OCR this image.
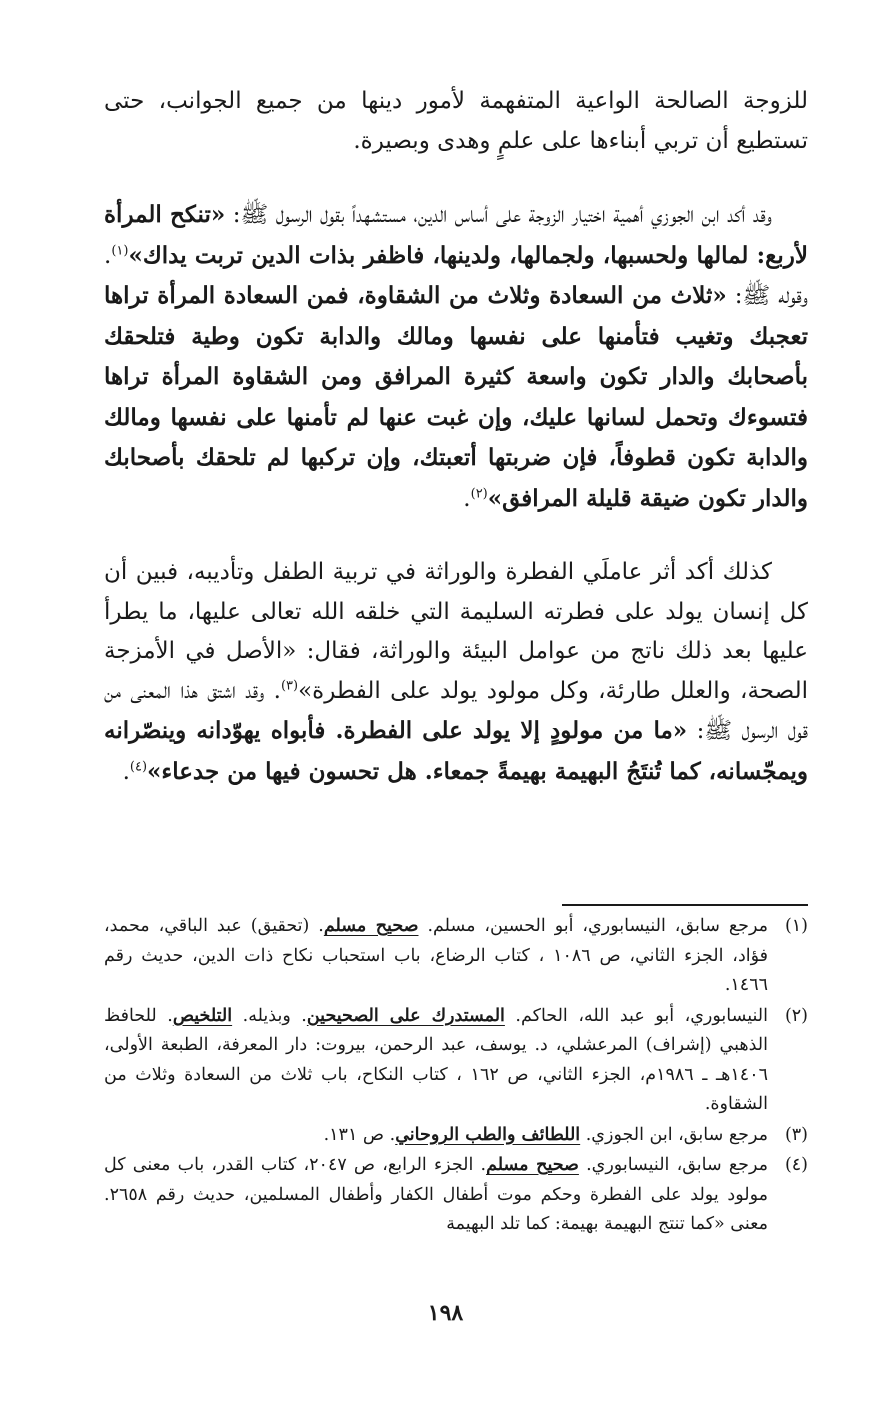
للزوجة الصالحة الواعية المتفهمة لأمور دينها من جميع الجوانب، حتى تستطيع أن تربي أبناءها على علمٍ وهدى وبصيرة.

وقد أكد ابن الجوزي أهمية اختيار الزوجة على أساس الدين، مستشهداً بقول الرسول ﷺ: «تنكح المرأة لأربع: لمالها ولحسبها، ولجمالها، ولدينها، فاظفر بذات الدين تربت يداك»$^{(١)}$. وقوله ﷺ: «ثلاث من السعادة وثلاث من الشقاوة، فمن السعادة المرأة تراها تعجبك وتغيب فتأمنها على نفسها ومالك والدابة تكون وطية فتلحقك بأصحابك والدار تكون واسعة كثيرة المرافق ومن الشقاوة المرأة تراها فتسوءك وتحمل لسانها عليك، وإن غبت عنها لم تأمنها على نفسها ومالك والدابة تكون قطوفاً، فإن ضربتها أتعبتك، وإن تركبها لم تلحقك بأصحابك والدار تكون ضيقة قليلة المرافق»$^{(٢)}$.

كذلك أكد أثر عاملَي الفطرة والوراثة في تربية الطفل وتأديبه، فبين أن كل إنسان يولد على فطرته السليمة التي خلقه الله تعالى عليها، ما يطرأ عليها بعد ذلك ناتج من عوامل البيئة والوراثة، فقال: «الأصل في الأمزجة الصحة، والعلل طارئة، وكل مولود يولد على الفطرة»$^{(٣)}$. وقد اشتق هذا المعنى من قول الرسول ﷺ: «ما من مولودٍ إلا يولد على الفطرة. فأبواه يهوّدانه وينصّرانه ويمجّسانه، كما تُنتَجُ البهيمة بهيمةً جمعاء. هل تحسون فيها من جدعاء»$^{(٤)}$.

(١)
مرجع سابق، النيسابوري، أبو الحسين، مسلم. صحيح مسلم. (تحقيق) عبد الباقي، محمد، فؤاد، الجزء الثاني، ص ١٠٨٦ ، كتاب الرضاع، باب استحباب نكاح ذات الدين، حديث رقم ١٤٦٦.
(٢)
النيسابوري، أبو عبد الله، الحاكم. المستدرك على الصحيحين. وبذيله. التلخيص. للحافظ الذهبي (إشراف) المرعشلي، د. يوسف، عبد الرحمن، بيروت: دار المعرفة، الطبعة الأولى، ١٤٠٦هـ ـ ١٩٨٦م، الجزء الثاني، ص ١٦٢ ، كتاب النكاح، باب ثلاث من السعادة وثلاث من الشقاوة.
(٣)
مرجع سابق، ابن الجوزي. اللطائف والطب الروحاني. ص ١٣١.
(٤)
مرجع سابق، النيسابوري. صحيح مسلم. الجزء الرابع، ص ٢٠٤٧، كتاب القدر، باب معنى كل مولود يولد على الفطرة وحكم موت أطفال الكفار وأطفال المسلمين، حديث رقم ٢٦٥٨. معنى «كما تنتج البهيمة بهيمة: كما تلد البهيمة
١٩٨
